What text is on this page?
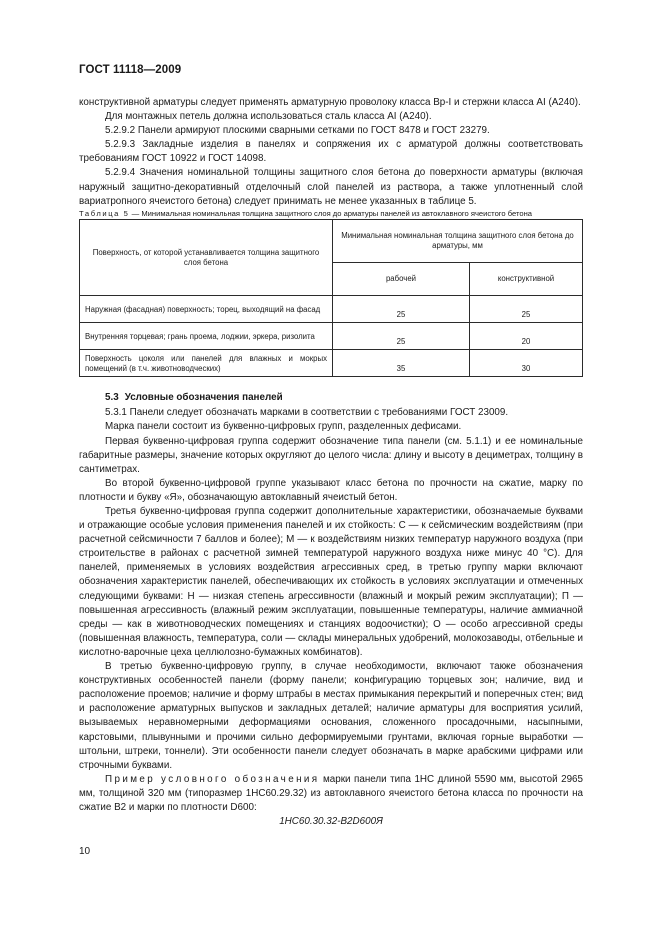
ГОСТ 11118—2009

конструктивной арматуры следует применять арматурную проволоку класса Вр-I и стержни класса AI (A240).

Для монтажных петель должна использоваться сталь класса AI (A240).

5.2.9.2 Панели армируют плоскими сварными сетками по ГОСТ 8478 и ГОСТ 23279.

5.2.9.3 Закладные изделия в панелях и сопряжения их с арматурой должны соответствовать требованиям ГОСТ 10922 и ГОСТ 14098.

5.2.9.4 Значения номинальной толщины защитного слоя бетона до поверхности арматуры (включая наружный защитно-декоративный отделочный слой панелей из раствора, а также уплотненный слой вариатропного ячеистого бетона) следует принимать не менее указанных в таблице 5.

Таблица 5 — Минимальная номинальная толщина защитного слоя до арматуры панелей из автоклавного ячеистого бетона

Поверхность, от которой устанавливается толщина защитного слоя бетона	Минимальная номинальная толщина защитного слоя бетона до арматуры, мм	
	рабочей	конструктивной
Наружная (фасадная) поверхность; торец, выходящий на фасад	25	25
Внутренняя торцевая; грань проема, лоджии, эркера, ризолита	25	20
Поверхность цоколя или панелей для влажных и мокрых помещений (в т.ч. животноводческих)	35	30

5.3 Условные обозначения панелей

5.3.1 Панели следует обозначать марками в соответствии с требованиями ГОСТ 23009.

Марка панели состоит из буквенно-цифровых групп, разделенных дефисами.

Первая буквенно-цифровая группа содержит обозначение типа панели (см. 5.1.1) и ее номинальные габаритные размеры, значение которых округляют до целого числа: длину и высоту в дециметрах, толщину в сантиметрах.

Во второй буквенно-цифровой группе указывают класс бетона по прочности на сжатие, марку по плотности и букву «Я», обозначающую автоклавный ячеистый бетон.

Третья буквенно-цифровая группа содержит дополнительные характеристики, обозначаемые буквами и отражающие особые условия применения панелей и их стойкость: С — к сейсмическим воздействиям (при расчетной сейсмичности 7 баллов и более); М — к воздействиям низких температур наружного воздуха (при строительстве в районах с расчетной зимней температурой наружного воздуха ниже минус 40 °С). Для панелей, применяемых в условиях воздействия агрессивных сред, в третью группу марки включают обозначения характеристик панелей, обеспечивающих их стойкость в условиях эксплуатации и отмеченных следующими буквами: Н — низкая степень агрессивности (влажный и мокрый режим эксплуатации); П — повышенная агрессивность (влажный режим эксплуатации, повышенные температуры, наличие аммиачной среды — как в животноводческих помещениях и станциях водоочистки); О — особо агрессивной среды (повышенная влажность, температура, соли — склады минеральных удобрений, молокозаводы, отбельные и кислотно-варочные цеха целлюлозно-бумажных комбинатов).

В третью буквенно-цифровую группу, в случае необходимости, включают также обозначения конструктивных особенностей панели (форму панели; конфигурацию торцевых зон; наличие, вид и расположение проемов; наличие и форму штрабы в местах примыкания перекрытий и поперечных стен; вид и расположение арматурных выпусков и закладных деталей; наличие арматуры для восприятия усилий, вызываемых неравномерными деформациями основания, сложенного просадочными, насыпными, карстовыми, плывунными и прочими сильно деформируемыми грунтами, включая горные выработки — штольни, штреки, тоннели). Эти особенности панели следует обозначать в марке арабскими цифрами или строчными буквами.

Пример условного обозначения марки панели типа 1НС длиной 5590 мм, высотой 2965 мм, толщиной 320 мм (типоразмер 1НС60.29.32) из автоклавного ячеистого бетона класса по прочности на сжатие В2 и марки по плотности D600:

1НС60.30.32-В2D600Я

10
